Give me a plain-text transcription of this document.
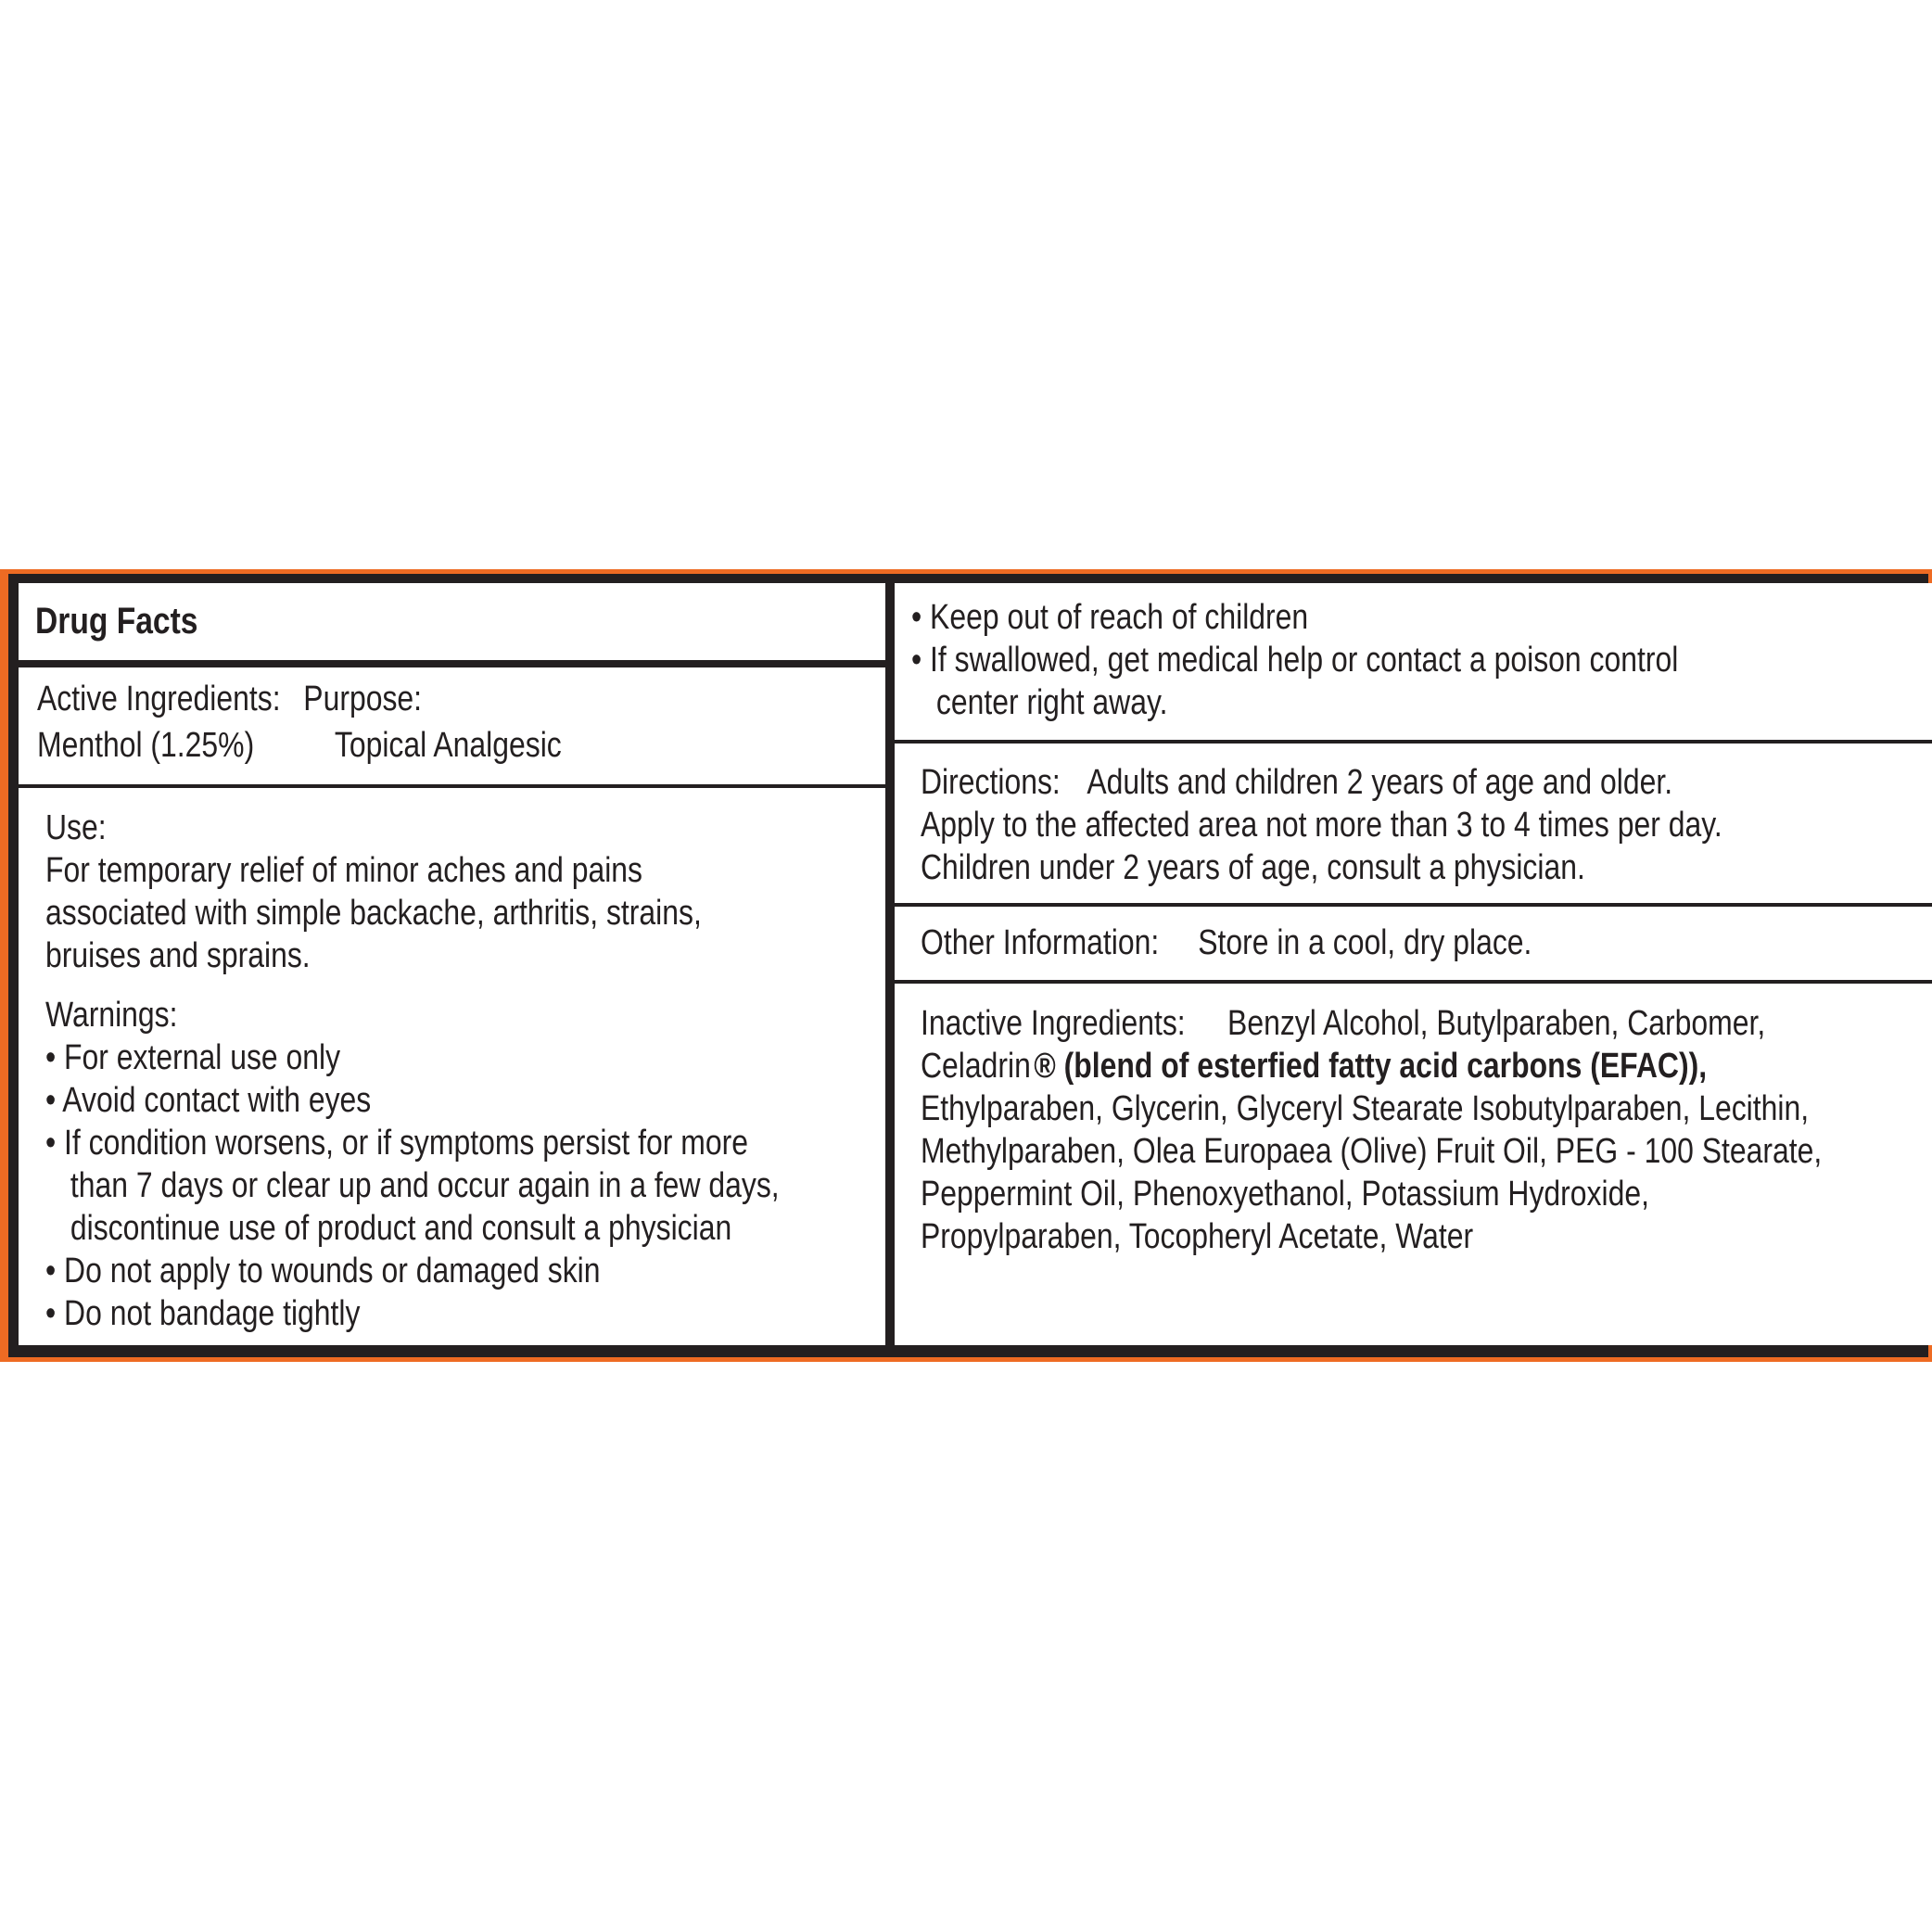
Drug Facts
Active Ingredients: Purpose:
Menthol (1.25%) Topical Analgesic
Use:
For temporary relief of minor aches and pains
associated with simple backache, arthritis, strains,
bruises and sprains.
Warnings:
• For external use only
• Avoid contact with eyes
• If condition worsens, or if symptoms persist for more
than 7 days or clear up and occur again in a few days,
discontinue use of product and consult a physician
• Do not apply to wounds or damaged skin
• Do not bandage tightly
• Keep out of reach of children
• If swallowed, get medical help or contact a poison control
center right away.
Directions: Adults and children 2 years of age and older.
Apply to the affected area not more than 3 to 4 times per day.
Children under 2 years of age, consult a physician.
Other Information: Store in a cool, dry place.
Inactive Ingredients: Benzyl Alcohol, Butylparaben, Carbomer,
Celadrin® (blend of esterfied fatty acid carbons (EFAC)),
Ethylparaben, Glycerin, Glyceryl Stearate Isobutylparaben, Lecithin,
Methylparaben, Olea Europaea (Olive) Fruit Oil, PEG - 100 Stearate,
Peppermint Oil, Phenoxyethanol, Potassium Hydroxide,
Propylparaben, Tocopheryl Acetate, Water
